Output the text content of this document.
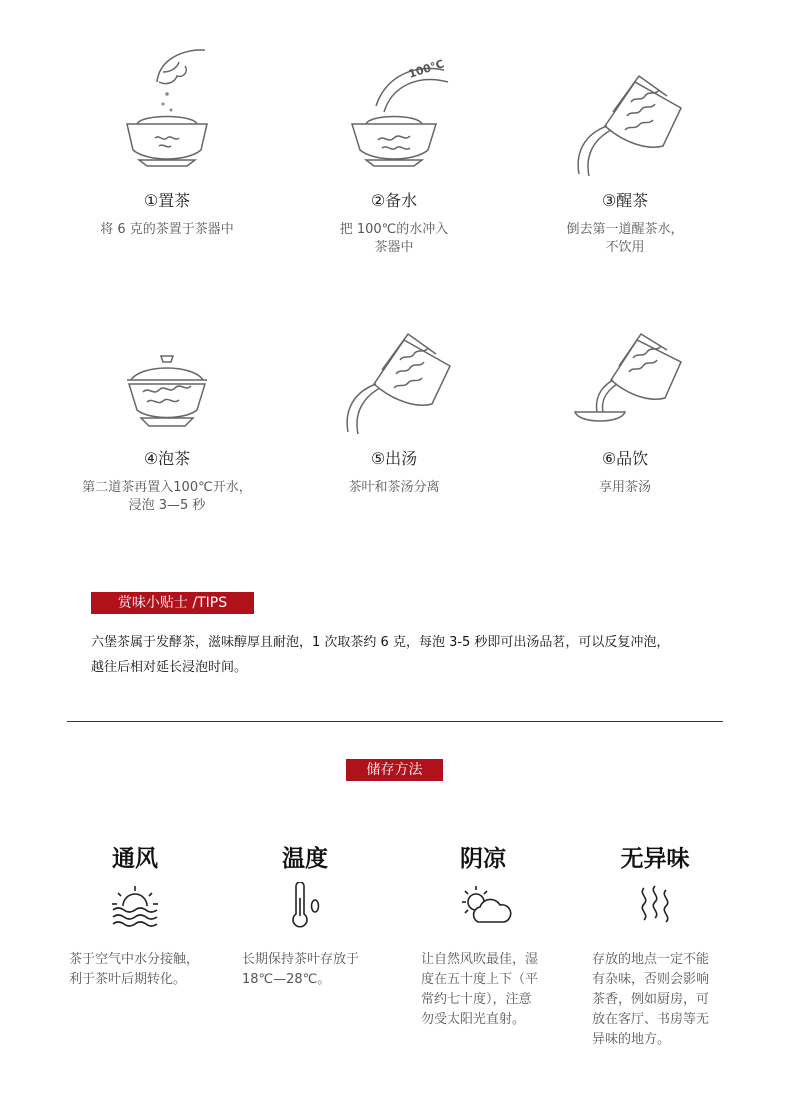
①置茶
将 6 克的茶置于茶器中
100°C
②备水
把 100℃的水冲入
茶器中
③醒茶
倒去第一道醒茶水，
不饮用
④泡茶
第二道茶再置入100℃开水，
浸泡 3—5 秒
⑤出汤
茶叶和茶汤分离
⑥品饮
享用茶汤
赏味小贴士 /TIPS
六堡茶属于发酵茶，滋味醇厚且耐泡，1 次取茶约 6 克，每泡 3-5 秒即可出汤品茗，可以反复冲泡，
越往后相对延长浸泡时间。
储存方法
通风
茶于空气中水分接触，
利于茶叶后期转化。
温度
长期保持茶叶存放于
18℃—28℃。
阴凉
让自然风吹最佳，湿
度在五十度上下（平
常约七十度），注意
勿受太阳光直射。
无异味
存放的地点一定不能
有杂味，否则会影响
茶香，例如厨房，可
放在客厅、书房等无
异味的地方。
